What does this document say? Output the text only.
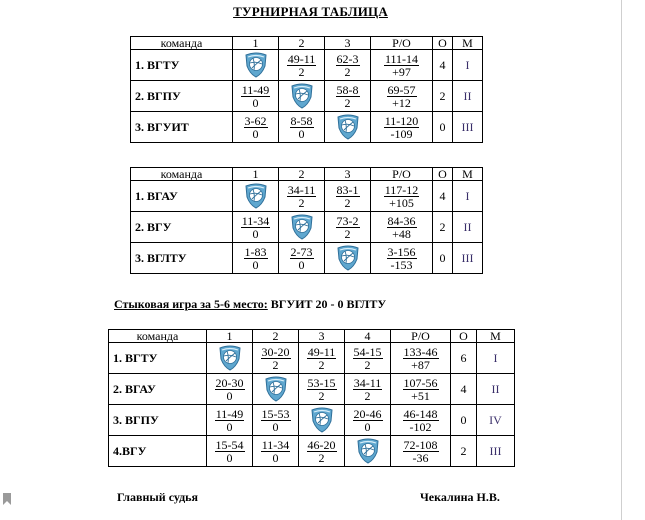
ТУРНИРНАЯ ТАБЛИЦА
команда	1	2	3	Р/О	О	М
1. ВГТУ		$\frac{49-11}{2}$	$\frac{62-3}{2}$	$\frac{111-14}{+97}$	4	I
2. ВГПУ	$\frac{11-49}{0}$		$\frac{58-8}{2}$	$\frac{69-57}{+12}$	2	II
3. ВГУИТ	$\frac{3-62}{0}$	$\frac{8-58}{0}$		$\frac{11-120}{-109}$	0	III
команда	1	2	3	Р/О	О	М
1. ВГАУ		$\frac{34-11}{2}$	$\frac{83-1}{2}$	$\frac{117-12}{+105}$	4	I
2. ВГУ	$\frac{11-34}{0}$		$\frac{73-2}{2}$	$\frac{84-36}{+48}$	2	II
3. ВГЛТУ	$\frac{1-83}{0}$	$\frac{2-73}{0}$		$\frac{3-156}{-153}$	0	III
Стыковая игра за 5-6 место: ВГУИТ 20 - 0 ВГЛТУ
команда	1	2	3	4	Р/О	О	М
1. ВГТУ		$\frac{30-20}{2}$	$\frac{49-11}{2}$	$\frac{54-15}{2}$	$\frac{133-46}{+87}$	6	I
2. ВГАУ	$\frac{20-30}{0}$		$\frac{53-15}{2}$	$\frac{34-11}{2}$	$\frac{107-56}{+51}$	4	II
3. ВГПУ	$\frac{11-49}{0}$	$\frac{15-53}{0}$		$\frac{20-46}{0}$	$\frac{46-148}{-102}$	0	IV
4.ВГУ	$\frac{15-54}{0}$	$\frac{11-34}{0}$	$\frac{46-20}{2}$		$\frac{72-108}{-36}$	2	III
Главный судья	Чекалина Н.В.
